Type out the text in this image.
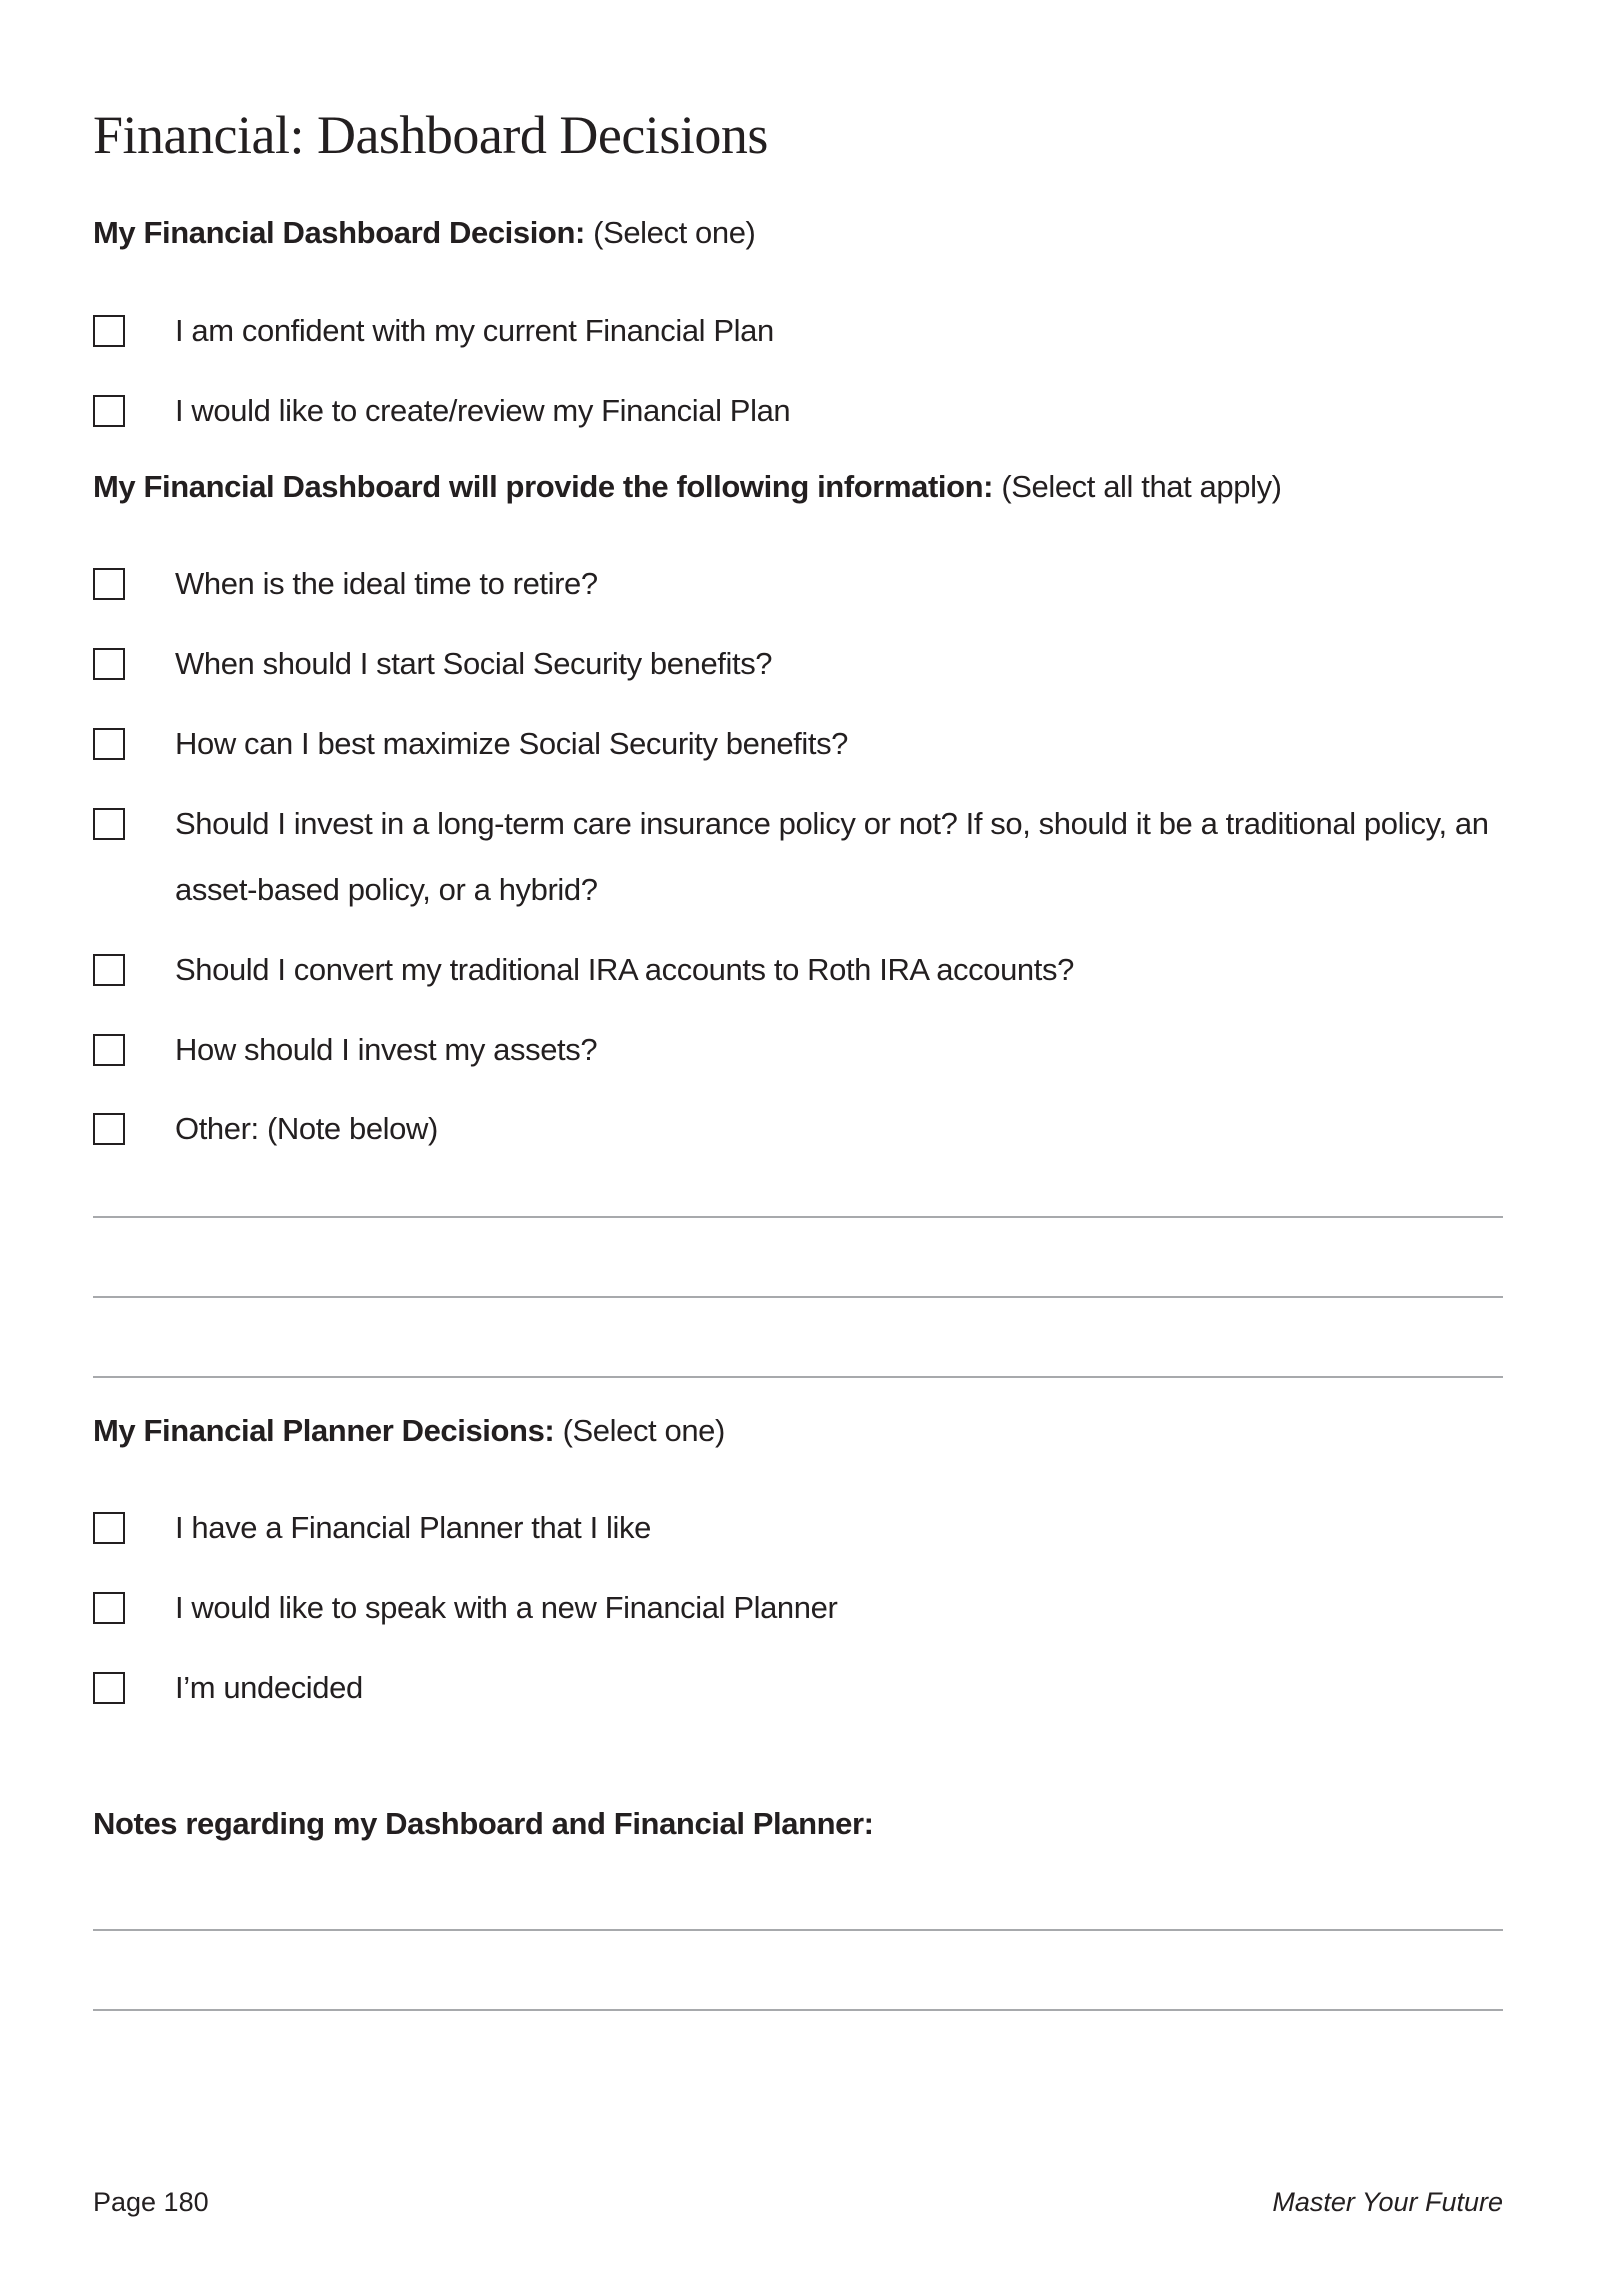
Financial: Dashboard Decisions
My Financial Dashboard Decision: (Select one)
I am confident with my current Financial Plan
I would like to create/review my Financial Plan
My Financial Dashboard will provide the following information: (Select all that apply)
When is the ideal time to retire?
When should I start Social Security benefits?
How can I best maximize Social Security benefits?
Should I invest in a long-term care insurance policy or not? If so, should it be a traditional policy, an asset-based policy, or a hybrid?
Should I convert my traditional IRA accounts to Roth IRA accounts?
How should I invest my assets?
Other: (Note below)
My Financial Planner Decisions: (Select one)
I have a Financial Planner that I like
I would like to speak with a new Financial Planner
I’m undecided
Notes regarding my Dashboard and Financial Planner:
Page 180	Master Your Future
